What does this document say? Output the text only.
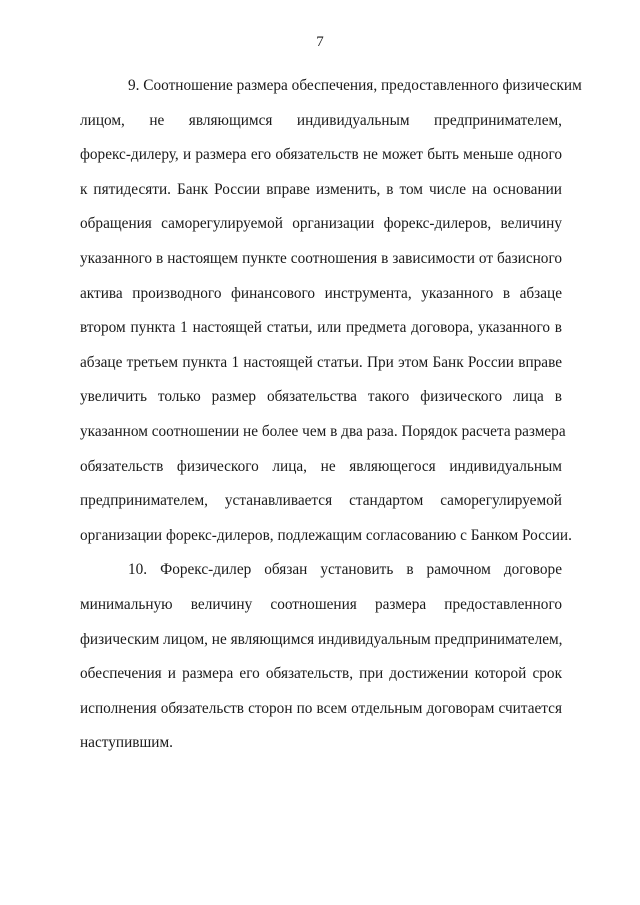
7
9. Соотношение размера обеспечения, предоставленного физическим
лицом, не являющимся индивидуальным предпринимателем,
форекс-дилеру, и размера его обязательств не может быть меньше одного
к пятидесяти. Банк России вправе изменить, в том числе на основании
обращения саморегулируемой организации форекс-дилеров, величину
указанного в настоящем пункте соотношения в зависимости от базисного
актива производного финансового инструмента, указанного в абзаце
втором пункта 1 настоящей статьи, или предмета договора, указанного в
абзаце третьем пункта 1 настоящей статьи. При этом Банк России вправе
увеличить только размер обязательства такого физического лица в
указанном соотношении не более чем в два раза. Порядок расчета размера
обязательств физического лица, не являющегося индивидуальным
предпринимателем, устанавливается стандартом саморегулируемой
организации форекс-дилеров, подлежащим согласованию с Банком России.
10. Форекс-дилер обязан установить в рамочном договоре
минимальную величину соотношения размера предоставленного
физическим лицом, не являющимся индивидуальным предпринимателем,
обеспечения и размера его обязательств, при достижении которой срок
исполнения обязательств сторон по всем отдельным договорам считается
наступившим.
